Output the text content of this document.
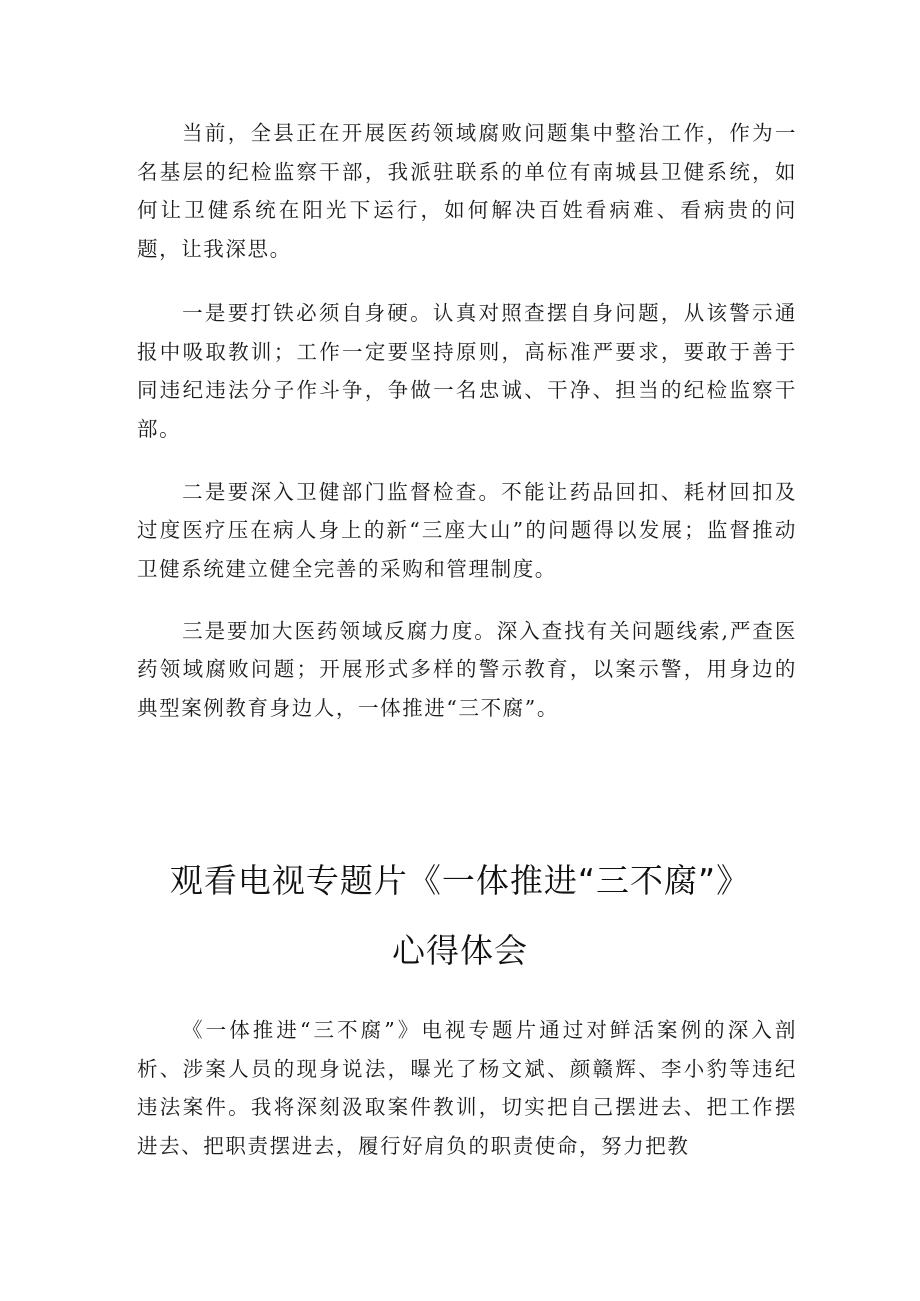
当前，全县正在开展医药领域腐败问题集中整治工作，作为一名基层的纪检监察干部，我派驻联系的单位有南城县卫健系统，如何让卫健系统在阳光下运行，如何解决百姓看病难、看病贵的问题，让我深思。

一是要打铁必须自身硬。认真对照查摆自身问题，从该警示通报中吸取教训；工作一定要坚持原则，高标准严要求，要敢于善于同违纪违法分子作斗争，争做一名忠诚、干净、担当的纪检监察干部。

二是要深入卫健部门监督检查。不能让药品回扣、耗材回扣及过度医疗压在病人身上的新“三座大山”的问题得以发展；监督推动卫健系统建立健全完善的采购和管理制度。

三是要加大医药领域反腐力度。深入查找有关问题线索,严查医药领域腐败问题；开展形式多样的警示教育，以案示警，用身边的典型案例教育身边人，一体推进“三不腐”。

观看电视专题片《一体推进“三不腐”》
心得体会

《一体推进“三不腐”》电视专题片通过对鲜活案例的深入剖析、涉案人员的现身说法，曝光了杨文斌、颜赣辉、李小豹等违纪违法案件。我将深刻汲取案件教训，切实把自己摆进去、把工作摆进去、把职责摆进去，履行好肩负的职责使命，努力把教
